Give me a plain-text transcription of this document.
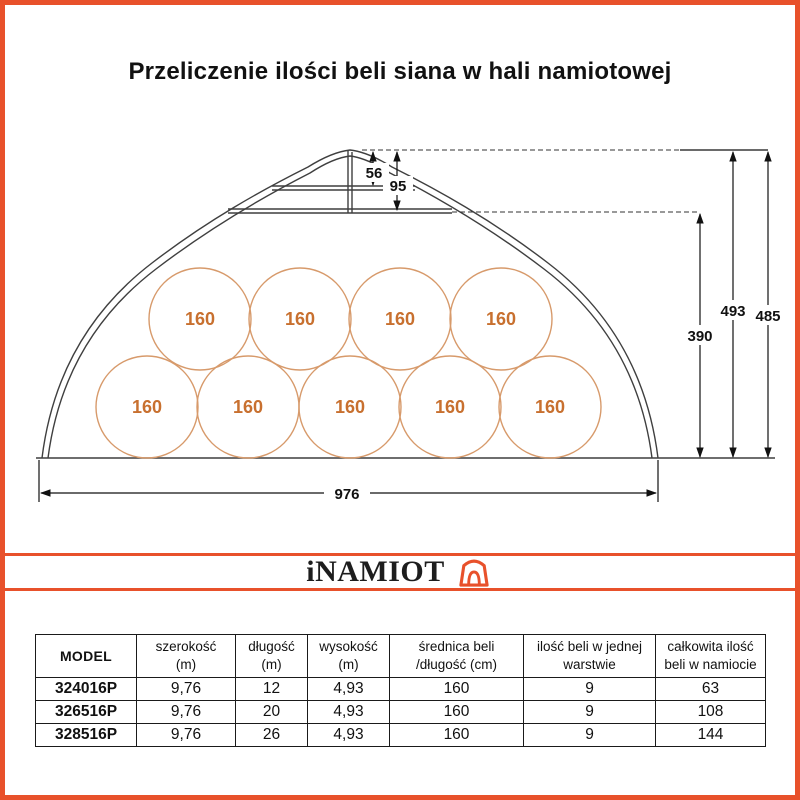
Przeliczenie ilości beli siana w hali namiotowej
160	160	160	160
160	160	160	160	160
56
95
390
493 485
976
iNAMIOT
MODEL

szerokość
(m)

długość
(m)

wysokość
(m)

średnica beli
/długość (cm)

ilość beli w jednej
warstwie

całkowita ilość
beli w namiocie

324016P	9,76	12	4,93	160	9	63
326516P	9,76	20	4,93	160	9	108
328516P	9,76	26	4,93	160	9	144
